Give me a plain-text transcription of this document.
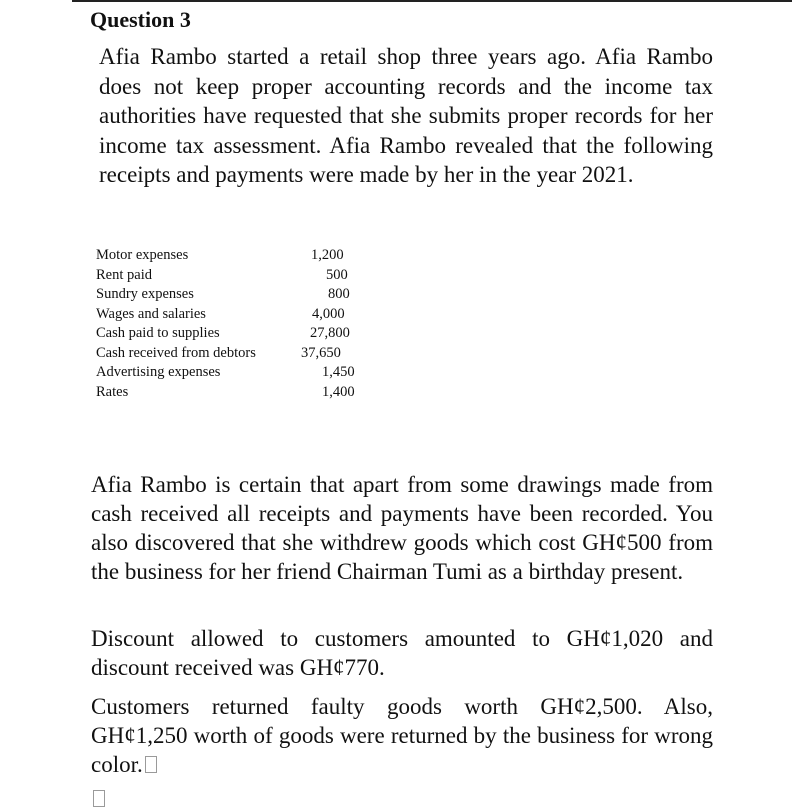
Question 3

Afia Rambo started a retail shop three years ago. Afia Rambo does not keep proper accounting records and the income tax authorities have requested that she submits proper records for her income tax assessment. Afia Rambo revealed that the following receipts and payments were made by her in the year 2021.

Motor expenses	1,200
Rent paid	500
Sundry expenses	800
Wages and salaries	4,000
Cash paid to supplies	27,800
Cash received from debtors	37,650
Advertising expenses	1,450
Rates	1,400

Afia Rambo is certain that apart from some drawings made from cash received all receipts and payments have been recorded. You also discovered that she withdrew goods which cost GH¢500 from the business for her friend Chairman Tumi as a birthday present.

Discount allowed to customers amounted to GH¢1,020 and discount received was GH¢770.

Customers returned faulty goods worth GH¢2,500. Also, GH¢1,250 worth of goods were returned by the business for wrong color.
